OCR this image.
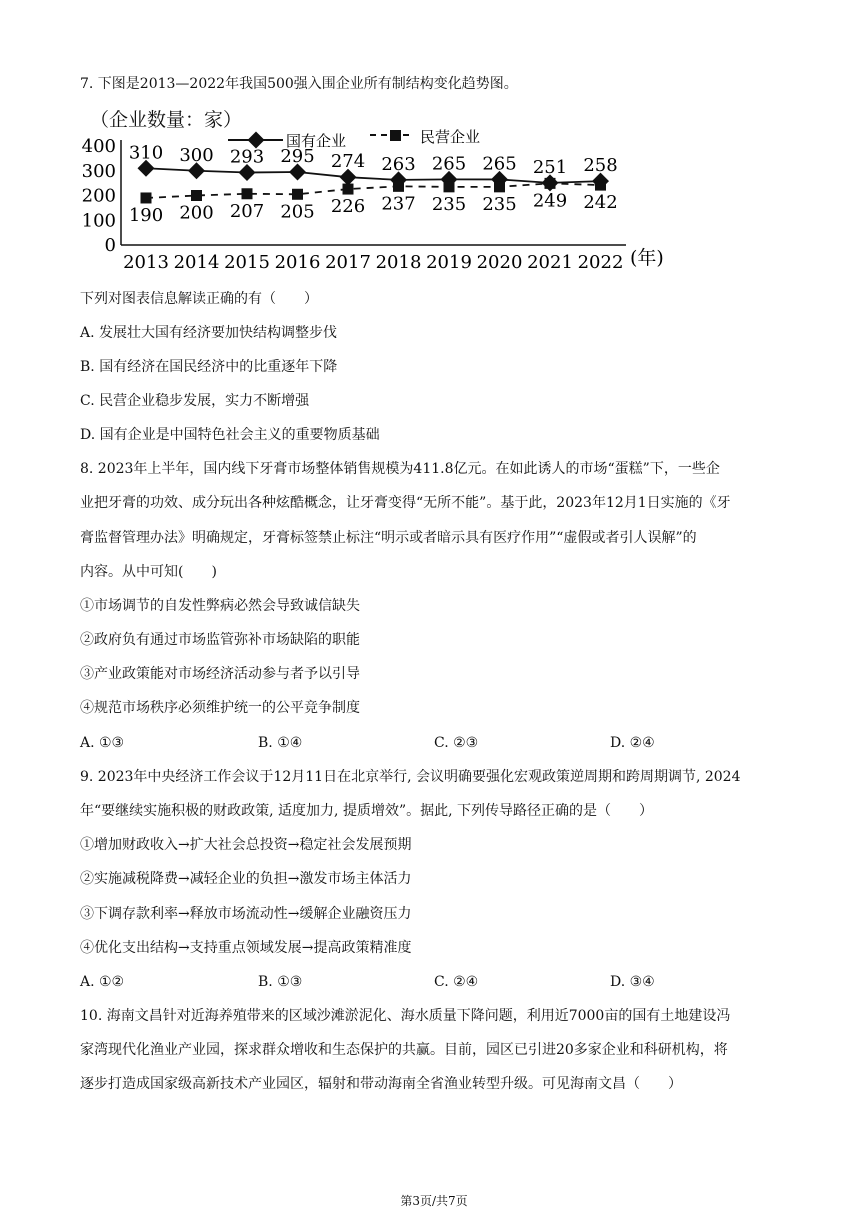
7. 下图是2013—2022年我国500强入围企业所有制结构变化趋势图。
（企业数量：家）
400
300
200
100
0
(年)
国有企业	民营企业
2013 2014 2015 2016 2017 2018 2019 2020 2021 2022
310 300 293 295 274 263 265 265 251 258
190 200 207 205 226 237 235 235 249 242
下列对图表信息解读正确的有（　　）
A. 发展壮大国有经济要加快结构调整步伐
B. 国有经济在国民经济中的比重逐年下降
C. 民营企业稳步发展，实力不断增强
D. 国有企业是中国特色社会主义的重要物质基础
8. 2023年上半年，国内线下牙膏市场整体销售规模为411.8亿元。在如此诱人的市场“蛋糕”下，一些企
业把牙膏的功效、成分玩出各种炫酷概念，让牙膏变得“无所不能”。基于此，2023年12月1日实施的《牙
膏监督管理办法》明确规定，牙膏标签禁止标注“明示或者暗示具有医疗作用”“虚假或者引人误解”的
内容。从中可知(　　)
①市场调节的自发性弊病必然会导致诚信缺失
②政府负有通过市场监管弥补市场缺陷的职能
③产业政策能对市场经济活动参与者予以引导
④规范市场秩序必须维护统一的公平竞争制度
A. ①③	B. ①④	C. ②③	D. ②④
9. 2023年中央经济工作会议于12月11日在北京举行, 会议明确要强化宏观政策逆周期和跨周期调节, 2024
年“要继续实施积极的财政政策, 适度加力, 提质增效”。据此, 下列传导路径正确的是（　　）
①增加财政收入→扩大社会总投资→稳定社会发展预期
②实施减税降费→减轻企业的负担→激发市场主体活力
③下调存款利率→释放市场流动性→缓解企业融资压力
④优化支出结构→支持重点领域发展→提高政策精准度
A. ①②	B. ①③	C. ②④	D. ③④
10. 海南文昌针对近海养殖带来的区域沙滩淤泥化、海水质量下降问题，利用近7000亩的国有土地建设冯
家湾现代化渔业产业园，探求群众增收和生态保护的共赢。目前，园区已引进20多家企业和科研机构，将
逐步打造成国家级高新技术产业园区，辐射和带动海南全省渔业转型升级。可见海南文昌（　　）
第3页/共7页
